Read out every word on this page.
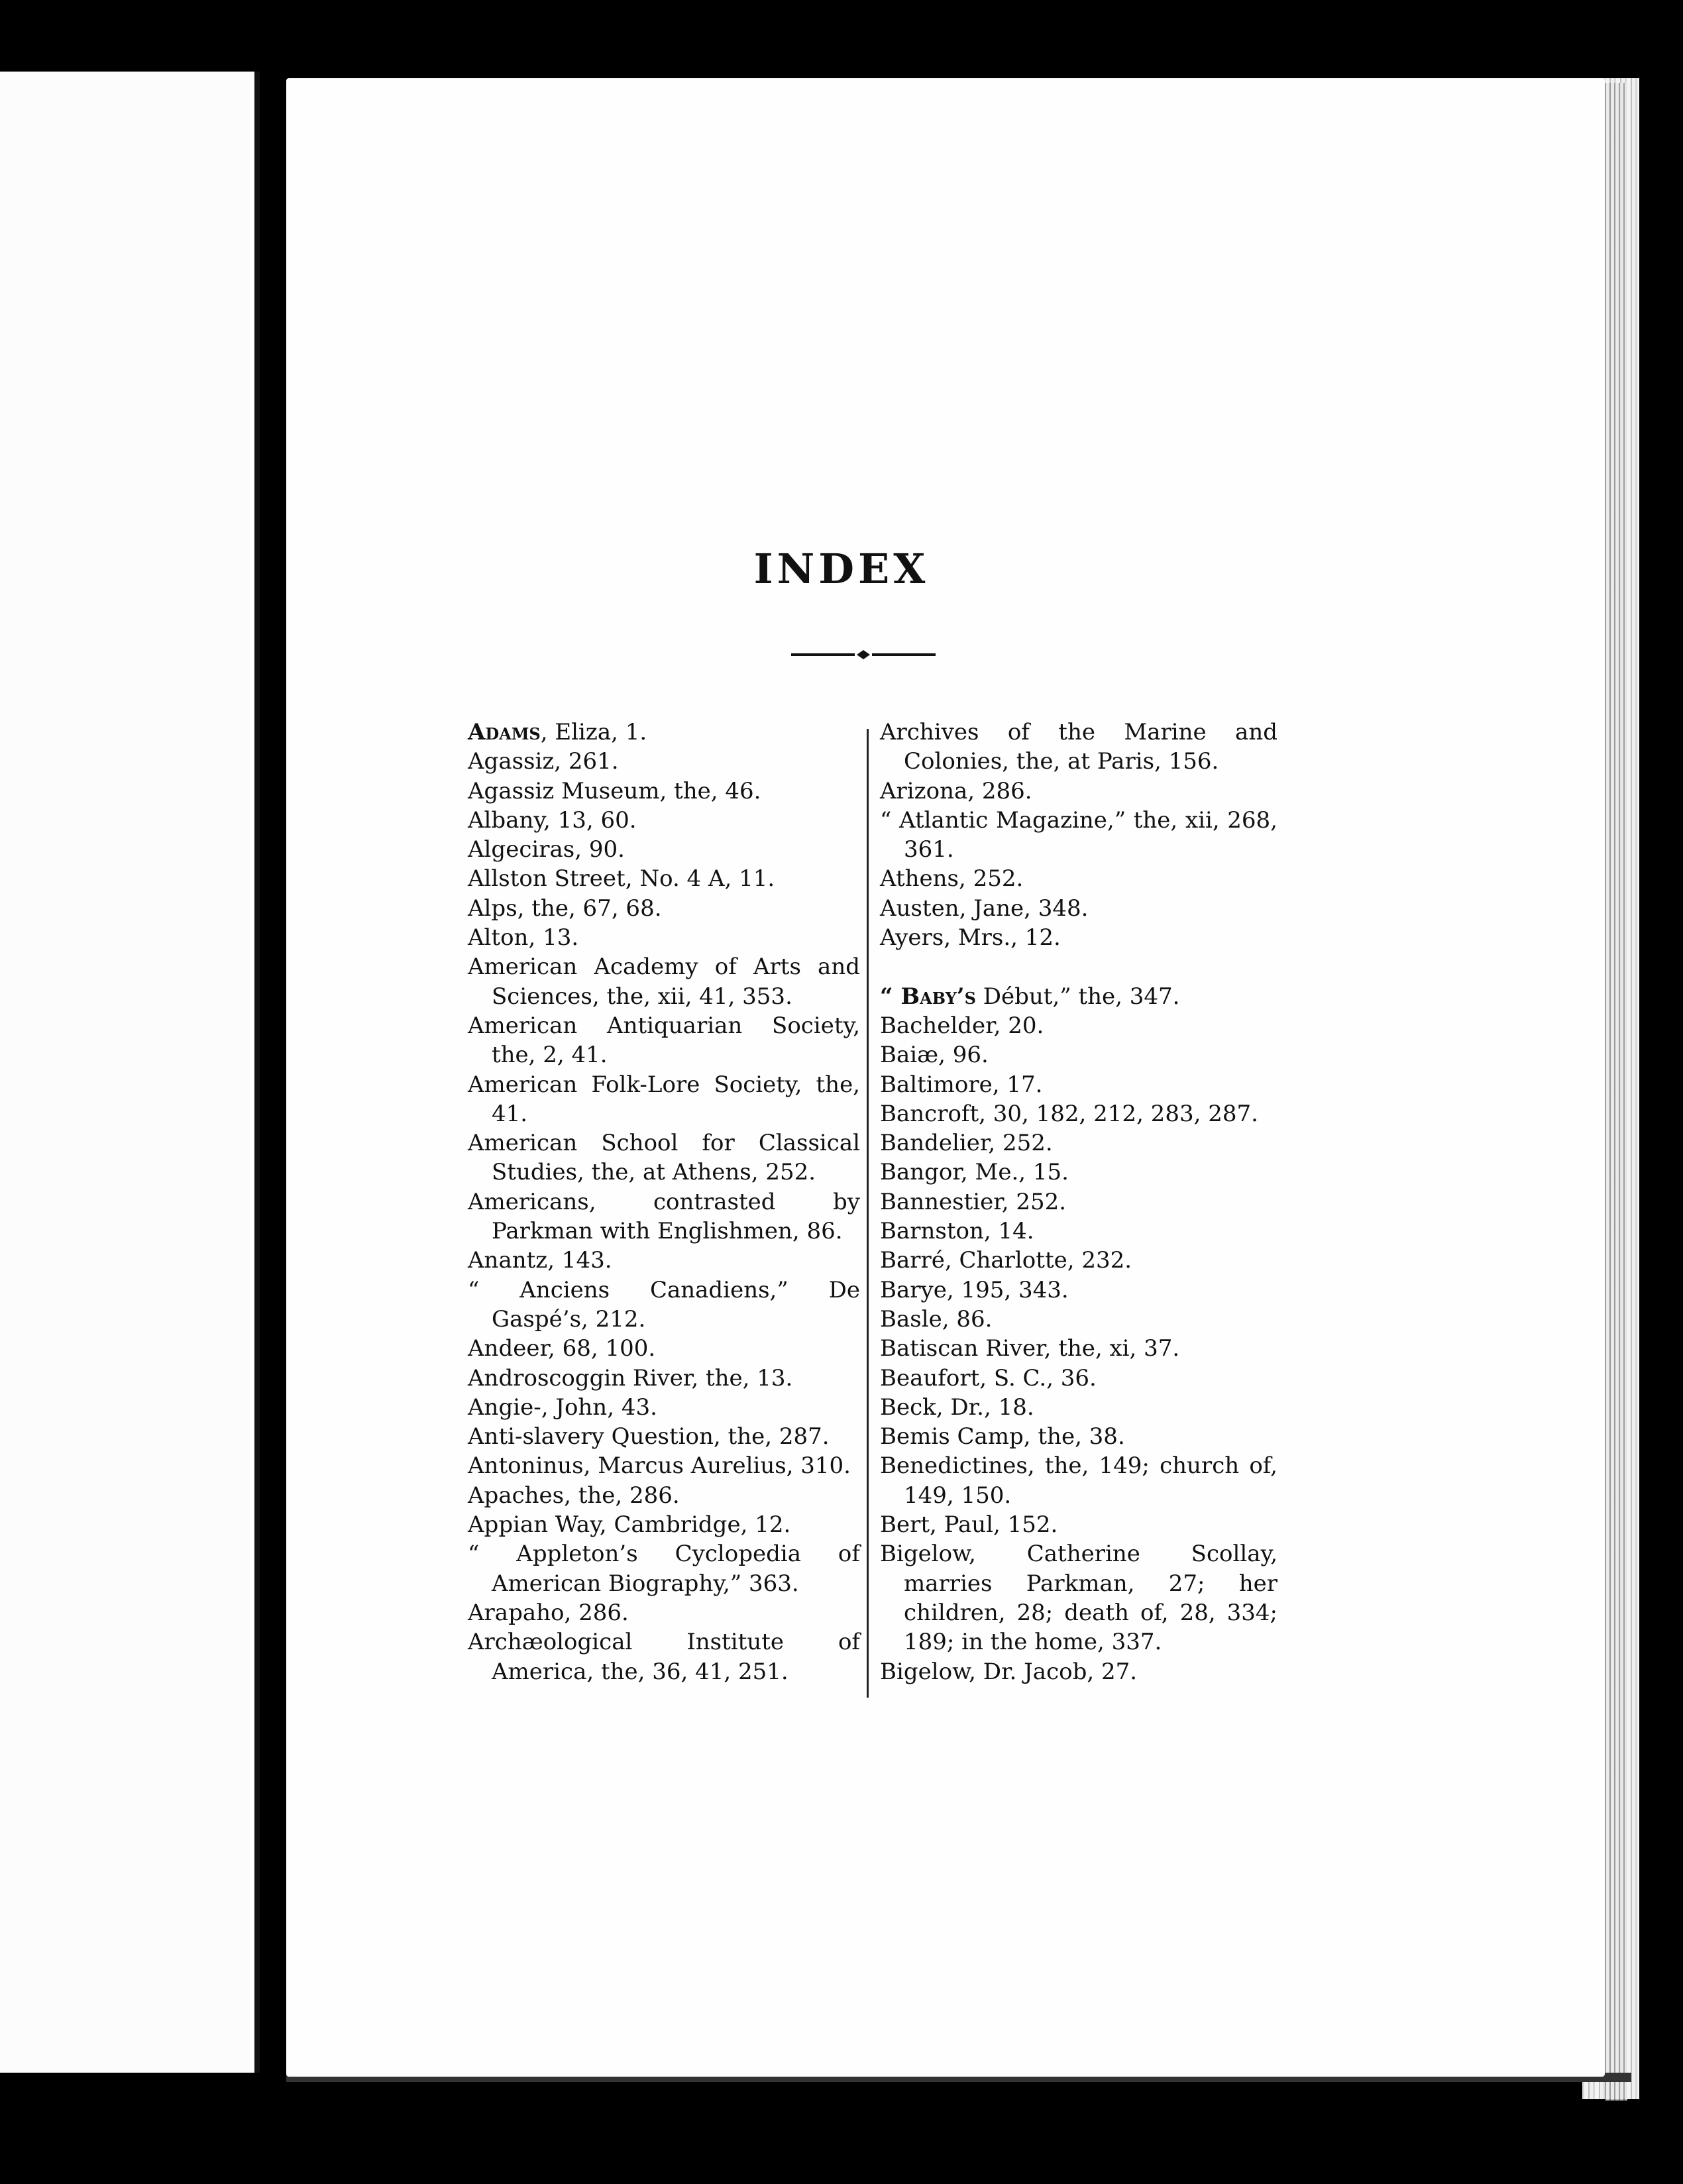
INDEX

Adams, Eliza, 1.

Agassiz, 261.

Agassiz Museum, the, 46.

Albany, 13, 60.

Algeciras, 90.

Allston Street, No. 4 A, 11.

Alps, the, 67, 68.

Alton, 13.

American Academy of Arts and Sciences, the, xii, 41, 353.

American Antiquarian Society, the, 2, 41.

American Folk-Lore Society, the, 41.

American School for Classical Studies, the, at Athens, 252.

Americans, contrasted by Parkman with Englishmen, 86.

Anantz, 143.

“ Anciens Canadiens,” De Gaspé’s, 212.

Andeer, 68, 100.

Androscoggin River, the, 13.

Angie‑, John, 43.

Anti-slavery Question, the, 287.

Antoninus, Marcus Aurelius, 310.

Apaches, the, 286.

Appian Way, Cambridge, 12.

“ Appleton’s Cyclopedia of American Biography,” 363.

Arapaho, 286.

Archæological Institute of America, the, 36, 41, 251.

Archives of the Marine and Colonies, the, at Paris, 156.

Arizona, 286.

“ Atlantic Magazine,” the, xii, 268, 361.

Athens, 252.

Austen, Jane, 348.

Ayers, Mrs., 12.

“ Baby’s Début,” the, 347.

Bachelder, 20.

Baiæ, 96.

Baltimore, 17.

Bancroft, 30, 182, 212, 283, 287.

Bandelier, 252.

Bangor, Me., 15.

Bannestier, 252.

Barnston, 14.

Barré, Charlotte, 232.

Barye, 195, 343.

Basle, 86.

Batiscan River, the, xi, 37.

Beaufort, S. C., 36.

Beck, Dr., 18.

Bemis Camp, the, 38.

Benedictines, the, 149; church of, 149, 150.

Bert, Paul, 152.

Bigelow, Catherine Scollay, marries Parkman, 27; her children, 28; death of, 28, 334; 189; in the home, 337.

Bigelow, Dr. Jacob, 27.
